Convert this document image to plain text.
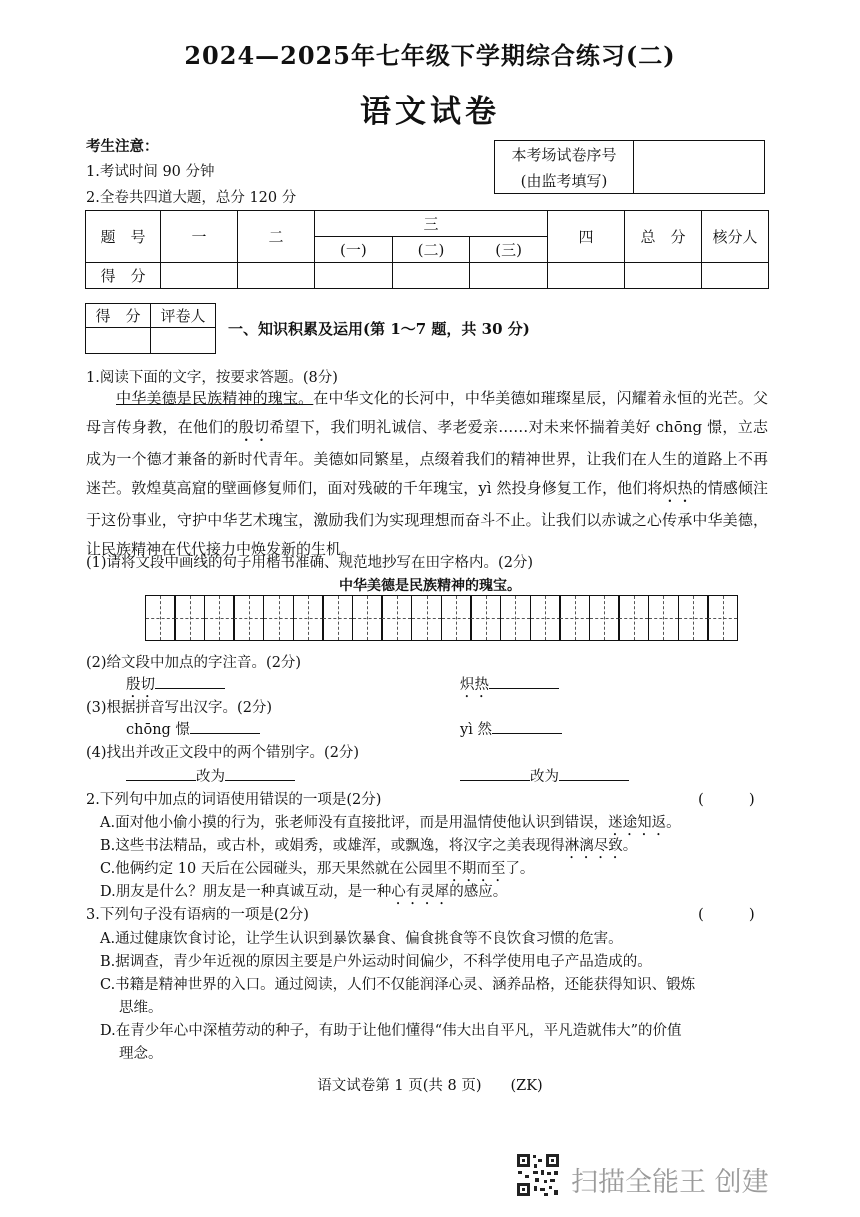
2024—2025年七年级下学期综合练习(二)
语文试卷
考生注意：
1.考试时间 90 分钟
2.全卷共四道大题，总分 120 分
本考场试卷序号	
(由监考填写)
题　号	一	二	三			四	总　分	核分人
			(一)	(二)	(三)			
得　分								
得　分	评卷人

一、知识积累及运用(第 1～7 题，共 30 分)
1.阅读下面的文字，按要求答题。(8分)
中华美德是民族精神的瑰宝。在中华文化的长河中，中华美德如璀璨星辰，闪耀着永恒的光芒。父母言传身教，在他们的殷切希望下，我们明礼诚信、孝老爱亲……对未来怀揣着美好 chōng 憬，立志成为一个德才兼备的新时代青年。美德如同繁星，点缀着我们的精神世界，让我们在人生的道路上不再迷芒。敦煌莫高窟的壁画修复师们，面对残破的千年瑰宝，yì 然投身修复工作，他们将炽热的情感倾注于这份事业，守护中华艺术瑰宝，激励我们为实现理想而奋斗不止。让我们以赤诚之心传承中华美德，让民族精神在代代接力中焕发新的生机。
(1)请将文段中画线的句子用楷书准确、规范地抄写在田字格内。(2分)
中华美德是民族精神的瑰宝。
(2)给文段中加点的字注音。(2分)
殷切	炽热
(3)根据拼音写出汉字。(2分)
chōng 憬	yì 然
(4)找出并改正文段中的两个错别字。(2分)
改为	改为
2.下列句中加点的词语使用错误的一项是(2分)	(　　　)
A.面对他小偷小摸的行为，张老师没有直接批评，而是用温情使他认识到错误，迷途知返。
B.这些书法精品，或古朴，或娟秀，或雄浑，或飘逸，将汉字之美表现得淋漓尽致。
C.他俩约定 10 天后在公园碰头，那天果然就在公园里不期而至了。
D.朋友是什么？朋友是一种真诚互动，是一种心有灵犀的感应。
3.下列句子没有语病的一项是(2分)	(　　　)
A.通过健康饮食讨论，让学生认识到暴饮暴食、偏食挑食等不良饮食习惯的危害。
B.据调查，青少年近视的原因主要是户外运动时间偏少，不科学使用电子产品造成的。
C.书籍是精神世界的入口。通过阅读，人们不仅能润泽心灵、涵养品格，还能获得知识、锻炼
思维。
D.在青少年心中深植劳动的种子，有助于让他们懂得“伟大出自平凡，平凡造就伟大”的价值
理念。
语文试卷第 1 页(共 8 页)　　(ZK)
扫描全能王 创建
